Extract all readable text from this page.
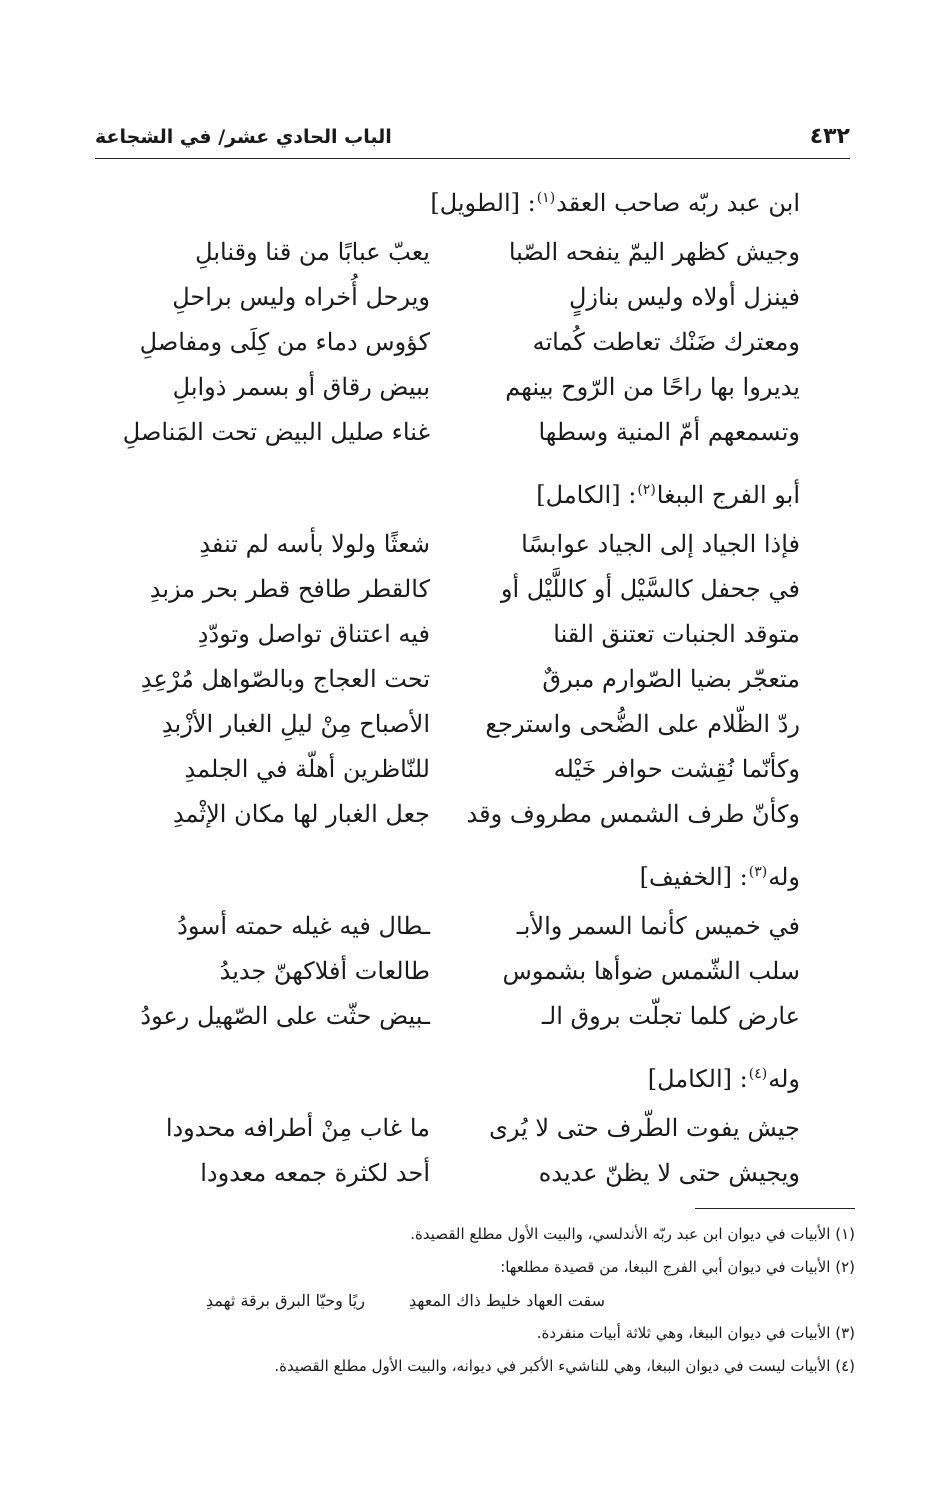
٤٣٢
الباب الحادي عشر/ في الشجاعة
ابن عبد ربّه صاحب العقد$^{(١)}$: [الطويل]
وجيش كظهر اليمّ ينفحه الصّبا
يعبّ عبابًا من قنا وقنابلِ
فينزل أولاه وليس بنازلٍ
ويرحل أُخراه وليس براحلِ
ومعترك ضَنْك تعاطت كُماته
كؤوس دماء من كِلَى ومفاصلِ
يديروا بها راحًا من الرّوح بينهم
ببيض رقاق أو بسمر ذوابلِ
وتسمعهم أمّ المنية وسطها
غناء صليل البيض تحت المَناصلِ
أبو الفرج الببغا$^{(٢)}$: [الكامل]
فإذا الجياد إلى الجياد عوابسًا
شعثًا ولولا بأسه لم تنفدِ
في جحفل كالسَّيْل أو كاللَّيْل أو
كالقطر طافح قطر بحر مزبدِ
متوقد الجنبات تعتنق القنا
فيه اعتناق تواصل وتودّدِ
متعجّر بضيا الصّوارم مبرقٌ
تحت العجاج وبالصّواهل مُرْعِدِ
ردّ الظّلام على الضُّحى واسترجع
الأصباح مِنْ ليلِ الغبار الأزْبدِ
وكأنّما نُقِشت حوافر خَيْله
للنّاظرين أهلّة في الجلمدِ
وكأنّ طرف الشمس مطروف وقد
جعل الغبار لها مكان الإثْمدِ
وله$^{(٣)}$: [الخفيف]
في خميس كأنما السمر والأبـ
ـطال فيه غيله حمته أسودُ
سلب الشّمس ضوأها بشموس
طالعات أفلاكهنّ جديدُ
عارض كلما تجلّت بروق الـ
ـبيض حثّت على الصّهيل رعودُ
وله$^{(٤)}$: [الكامل]
جيش يفوت الطّرف حتى لا يُرى
ما غاب مِنْ أطرافه محدودا
ويجيش حتى لا يظنّ عديده
أحد لكثرة جمعه معدودا
(١) الأبيات في ديوان ابن عبد ربّه الأندلسي، والبيت الأول مطلع القصيدة.
(٢) الأبيات في ديوان أبي الفرج الببغا، من قصيدة مطلعها:
سقت العهاد خليط ذاك المعهدِ
ريًا وحيّا البرق برقة ثهمدِ
(٣) الأبيات في ديوان الببغا، وهي ثلاثة أبيات منفردة.
(٤) الأبيات ليست في ديوان الببغا، وهي للناشيء الأكبر في ديوانه، والبيت الأول مطلع القصيدة.
